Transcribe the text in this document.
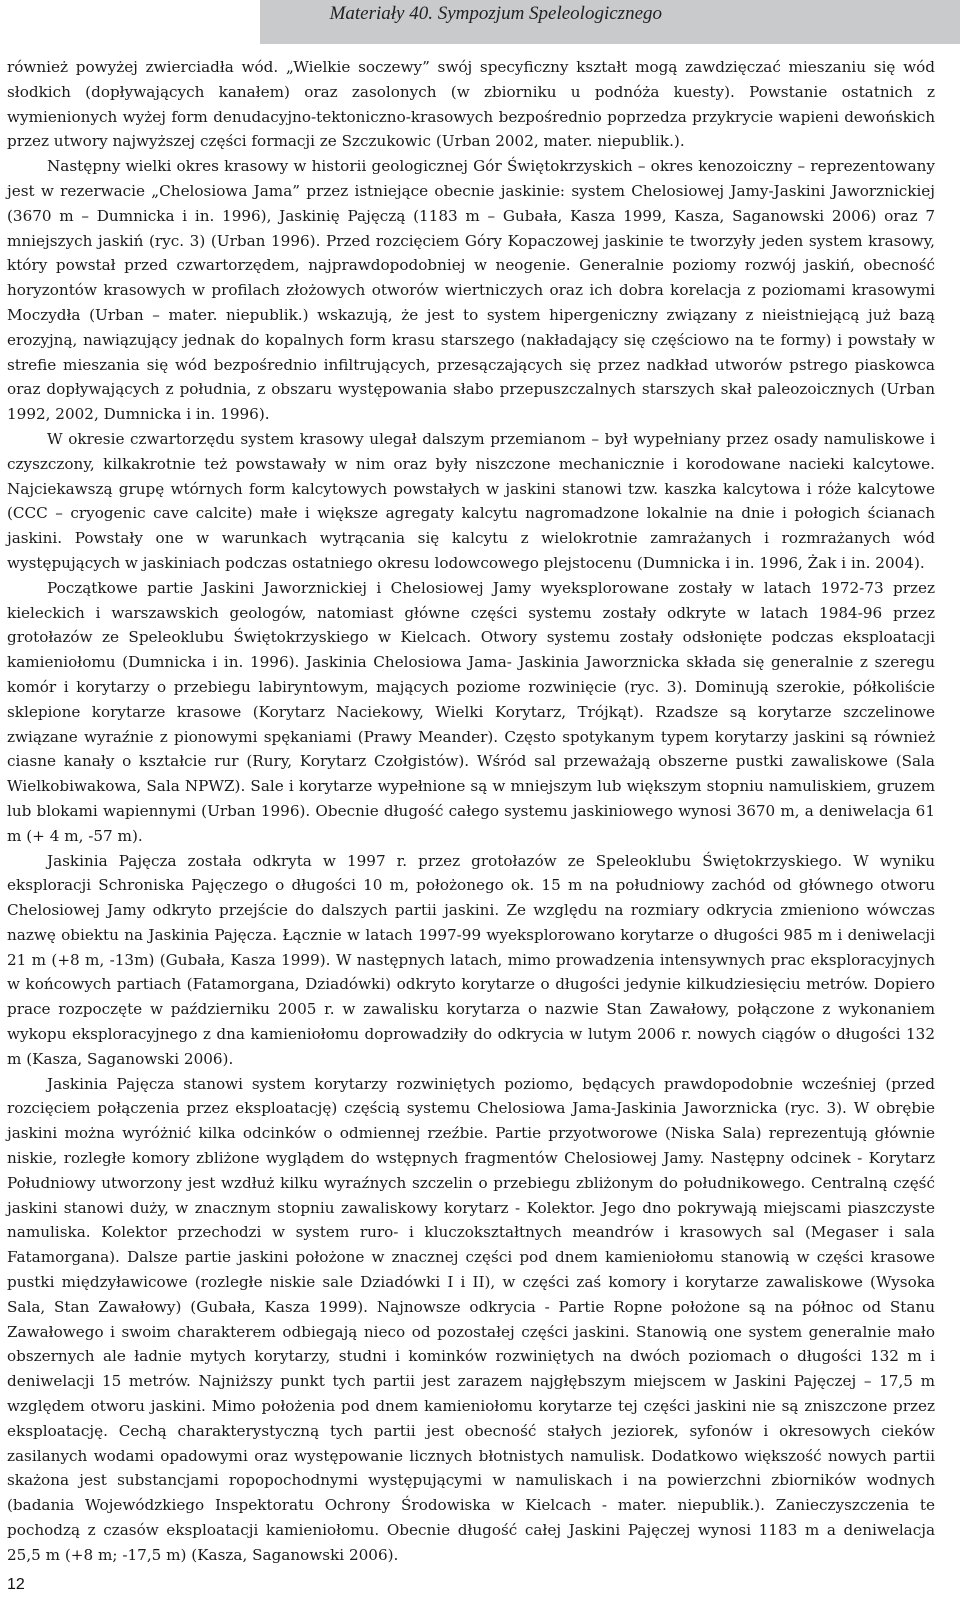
Materiały 40. Sympozjum Speleologicznego

również powyżej zwierciadła wód. „Wielkie soczewy” swój specyficzny kształt mogą zawdzięczać mieszaniu się wód słodkich (dopływających kanałem) oraz zasolonych (w zbiorniku u podnóża kuesty). Powstanie ostatnich z wymienionych wyżej form denudacyjno-tektoniczno-krasowych bezpośrednio poprzedza przykrycie wapieni dewońskich przez utwory najwyższej części formacji ze Szczukowic (Urban 2002, mater. niepublik.).

Następny wielki okres krasowy w historii geologicznej Gór Świętokrzyskich – okres kenozoiczny – reprezentowany jest w rezerwacie „Chelosiowa Jama” przez istniejące obecnie jaskinie: system Chelosiowej Jamy-Jaskini Jaworznickiej (3670 m – Dumnicka i in. 1996), Jaskinię Pajęczą (1183 m – Gubała, Kasza 1999, Kasza, Saganowski 2006) oraz 7 mniejszych jaskiń (ryc. 3) (Urban 1996). Przed rozcięciem Góry Kopaczowej jaskinie te tworzyły jeden system krasowy, który powstał przed czwartorzędem, najprawdopodobniej w neogenie. Generalnie poziomy rozwój jaskiń, obecność horyzontów krasowych w profilach złożowych otworów wiertniczych oraz ich dobra korelacja z poziomami krasowymi Moczydła (Urban – mater. niepublik.) wskazują, że jest to system hipergeniczny związany z nieistniejącą już bazą erozyjną, nawiązujący jednak do kopalnych form krasu starszego (nakładający się częściowo na te formy) i powstały w strefie mieszania się wód bezpośrednio infiltrujących, przesączających się przez nadkład utworów pstrego piaskowca oraz dopływających z południa, z obszaru występowania słabo przepuszczalnych starszych skał paleozoicznych (Urban 1992, 2002, Dumnicka i in. 1996).

W okresie czwartorzędu system krasowy ulegał dalszym przemianom – był wypełniany przez osady namuliskowe i czyszczony, kilkakrotnie też powstawały w nim oraz były niszczone mechanicznie i korodowane nacieki kalcytowe. Najciekawszą grupę wtórnych form kalcytowych powstałych w jaskini stanowi tzw. kaszka kalcytowa i róże kalcytowe (CCC – cryogenic cave calcite) małe i większe agregaty kalcytu nagromadzone lokalnie na dnie i połogich ścianach jaskini. Powstały one w warunkach wytrącania się kalcytu z wielokrotnie zamrażanych i rozmrażanych wód występujących w jaskiniach podczas ostatniego okresu lodowcowego plejstocenu (Dumnicka i in. 1996, Żak i in. 2004).

Początkowe partie Jaskini Jaworznickiej i Chelosiowej Jamy wyeksplorowane zostały w latach 1972-73 przez kieleckich i warszawskich geologów, natomiast główne części systemu zostały odkryte w latach 1984-96 przez grotołazów ze Speleoklubu Świętokrzyskiego w Kielcach. Otwory systemu zostały odsłonięte podczas eksploatacji kamieniołomu (Dumnicka i in. 1996). Jaskinia Chelosiowa Jama- Jaskinia Jaworznicka składa się generalnie z szeregu komór i korytarzy o przebiegu labiryntowym, mających poziome rozwinięcie (ryc. 3). Dominują szerokie, półkoliście sklepione korytarze krasowe (Korytarz Naciekowy, Wielki Korytarz, Trójkąt). Rzadsze są korytarze szczelinowe związane wyraźnie z pionowymi spękaniami (Prawy Meander). Często spotykanym typem korytarzy jaskini są również ciasne kanały o kształcie rur (Rury, Korytarz Czołgistów). Wśród sal przeważają obszerne pustki zawaliskowe (Sala Wielkobiwakowa, Sala NPWZ). Sale i korytarze wypełnione są w mniejszym lub większym stopniu namuliskiem, gruzem lub blokami wapiennymi (Urban 1996). Obecnie długość całego systemu jaskiniowego wynosi 3670 m, a deniwelacja 61 m (+ 4 m, -57 m).

Jaskinia Pajęcza została odkryta w 1997 r. przez grotołazów ze Speleoklubu Świętokrzyskiego. W wyniku eksploracji Schroniska Pajęczego o długości 10 m, położonego ok. 15 m na południowy zachód od głównego otworu Chelosiowej Jamy odkryto przejście do dalszych partii jaskini. Ze względu na rozmiary odkrycia zmieniono wówczas nazwę obiektu na Jaskinia Pajęcza. Łącznie w latach 1997-99 wyeksplorowano korytarze o długości 985 m i deniwelacji 21 m (+8 m, -13m) (Gubała, Kasza 1999). W następnych latach, mimo prowadzenia intensywnych prac eksploracyjnych w końcowych partiach (Fatamorgana, Dziadówki) odkryto korytarze o długości jedynie kilkudziesięciu metrów. Dopiero prace rozpoczęte w październiku 2005 r. w zawalisku korytarza o nazwie Stan Zawałowy, połączone z wykonaniem wykopu eksploracyjnego z dna kamieniołomu doprowadziły do odkrycia w lutym 2006 r. nowych ciągów o długości 132 m (Kasza, Saganowski 2006).

Jaskinia Pajęcza stanowi system korytarzy rozwiniętych poziomo, będących prawdopodobnie wcześniej (przed rozcięciem połączenia przez eksploatację) częścią systemu Chelosiowa Jama-Jaskinia Jaworznicka (ryc. 3). W obrębie jaskini można wyróżnić kilka odcinków o odmiennej rzeźbie. Partie przyotworowe (Niska Sala) reprezentują głównie niskie, rozległe komory zbliżone wyglądem do wstępnych fragmentów Chelosiowej Jamy. Następny odcinek - Korytarz Południowy utworzony jest wzdłuż kilku wyraźnych szczelin o przebiegu zbliżonym do południkowego. Centralną część jaskini stanowi duży, w znacznym stopniu zawaliskowy korytarz - Kolektor. Jego dno pokrywają miejscami piaszczyste namuliska. Kolektor przechodzi w system ruro- i kluczokształtnych meandrów i krasowych sal (Megaser i sala Fatamorgana). Dalsze partie jaskini położone w znacznej części pod dnem kamieniołomu stanowią w części krasowe pustki międzyławicowe (rozległe niskie sale Dziadówki I i II), w części zaś komory i korytarze zawaliskowe (Wysoka Sala, Stan Zawałowy) (Gubała, Kasza 1999). Najnowsze odkrycia - Partie Ropne położone są na północ od Stanu Zawałowego i swoim charakterem odbiegają nieco od pozostałej części jaskini. Stanowią one system generalnie mało obszernych ale ładnie mytych korytarzy, studni i kominków rozwiniętych na dwóch poziomach o długości 132 m i deniwelacji 15 metrów. Najniższy punkt tych partii jest zarazem najgłębszym miejscem w Jaskini Pajęczej – 17,5 m względem otworu jaskini. Mimo położenia pod dnem kamieniołomu korytarze tej części jaskini nie są zniszczone przez eksploatację. Cechą charakterystyczną tych partii jest obecność stałych jeziorek, syfonów i okresowych cieków zasilanych wodami opadowymi oraz występowanie licznych błotnistych namulisk. Dodatkowo większość nowych partii skażona jest substancjami ropopochodnymi występującymi w namuliskach i na powierzchni zbiorników wodnych (badania Wojewódzkiego Inspektoratu Ochrony Środowiska w Kielcach - mater. niepublik.). Zanieczyszczenia te pochodzą z czasów eksploatacji kamieniołomu. Obecnie długość całej Jaskini Pajęczej wynosi 1183 m a deniwelacja 25,5 m (+8 m; -17,5 m) (Kasza, Saganowski 2006).

12
